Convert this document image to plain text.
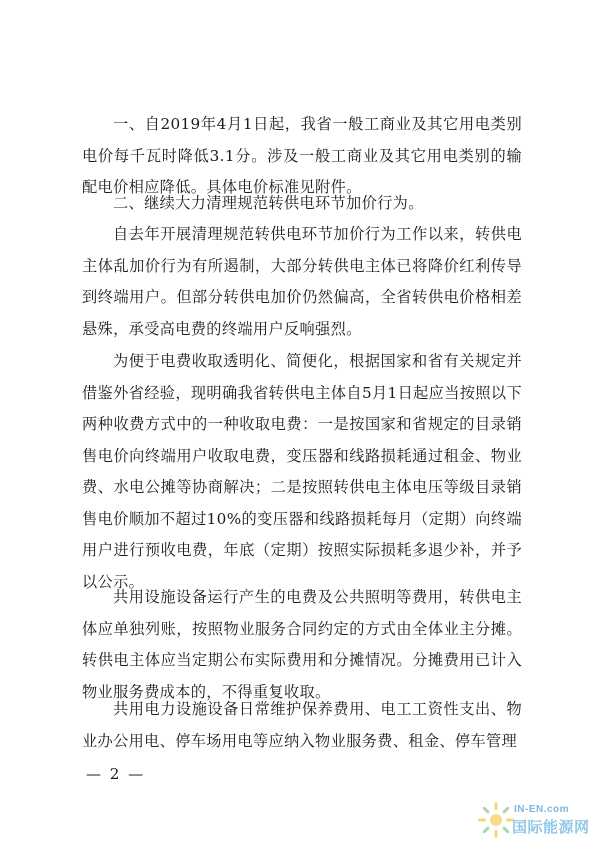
一、自2019年4月1日起，我省一般工商业及其它用电类别电价每千瓦时降低3.1分。涉及一般工商业及其它用电类别的输配电价相应降低。具体电价标准见附件。

二、继续大力清理规范转供电环节加价行为。

自去年开展清理规范转供电环节加价行为工作以来，转供电主体乱加价行为有所遏制，大部分转供电主体已将降价红利传导到终端用户。但部分转供电加价仍然偏高，全省转供电价格相差悬殊，承受高电费的终端用户反响强烈。

为便于电费收取透明化、简便化，根据国家和省有关规定并借鉴外省经验，现明确我省转供电主体自5月1日起应当按照以下两种收费方式中的一种收取电费：一是按国家和省规定的目录销售电价向终端用户收取电费，变压器和线路损耗通过租金、物业费、水电公摊等协商解决；二是按照转供电主体电压等级目录销售电价顺加不超过10%的变压器和线路损耗每月（定期）向终端用户进行预收电费，年底（定期）按照实际损耗多退少补，并予以公示。

共用设施设备运行产生的电费及公共照明等费用，转供电主体应单独列账，按照物业服务合同约定的方式由全体业主分摊。转供电主体应当定期公布实际费用和分摊情况。分摊费用已计入物业服务费成本的，不得重复收取。

共用电力设施设备日常维护保养费用、电工工资性支出、物业办公用电、停车场用电等应纳入物业服务费、租金、停车管理

— 2 —
IN-EN.com
国际能源网
